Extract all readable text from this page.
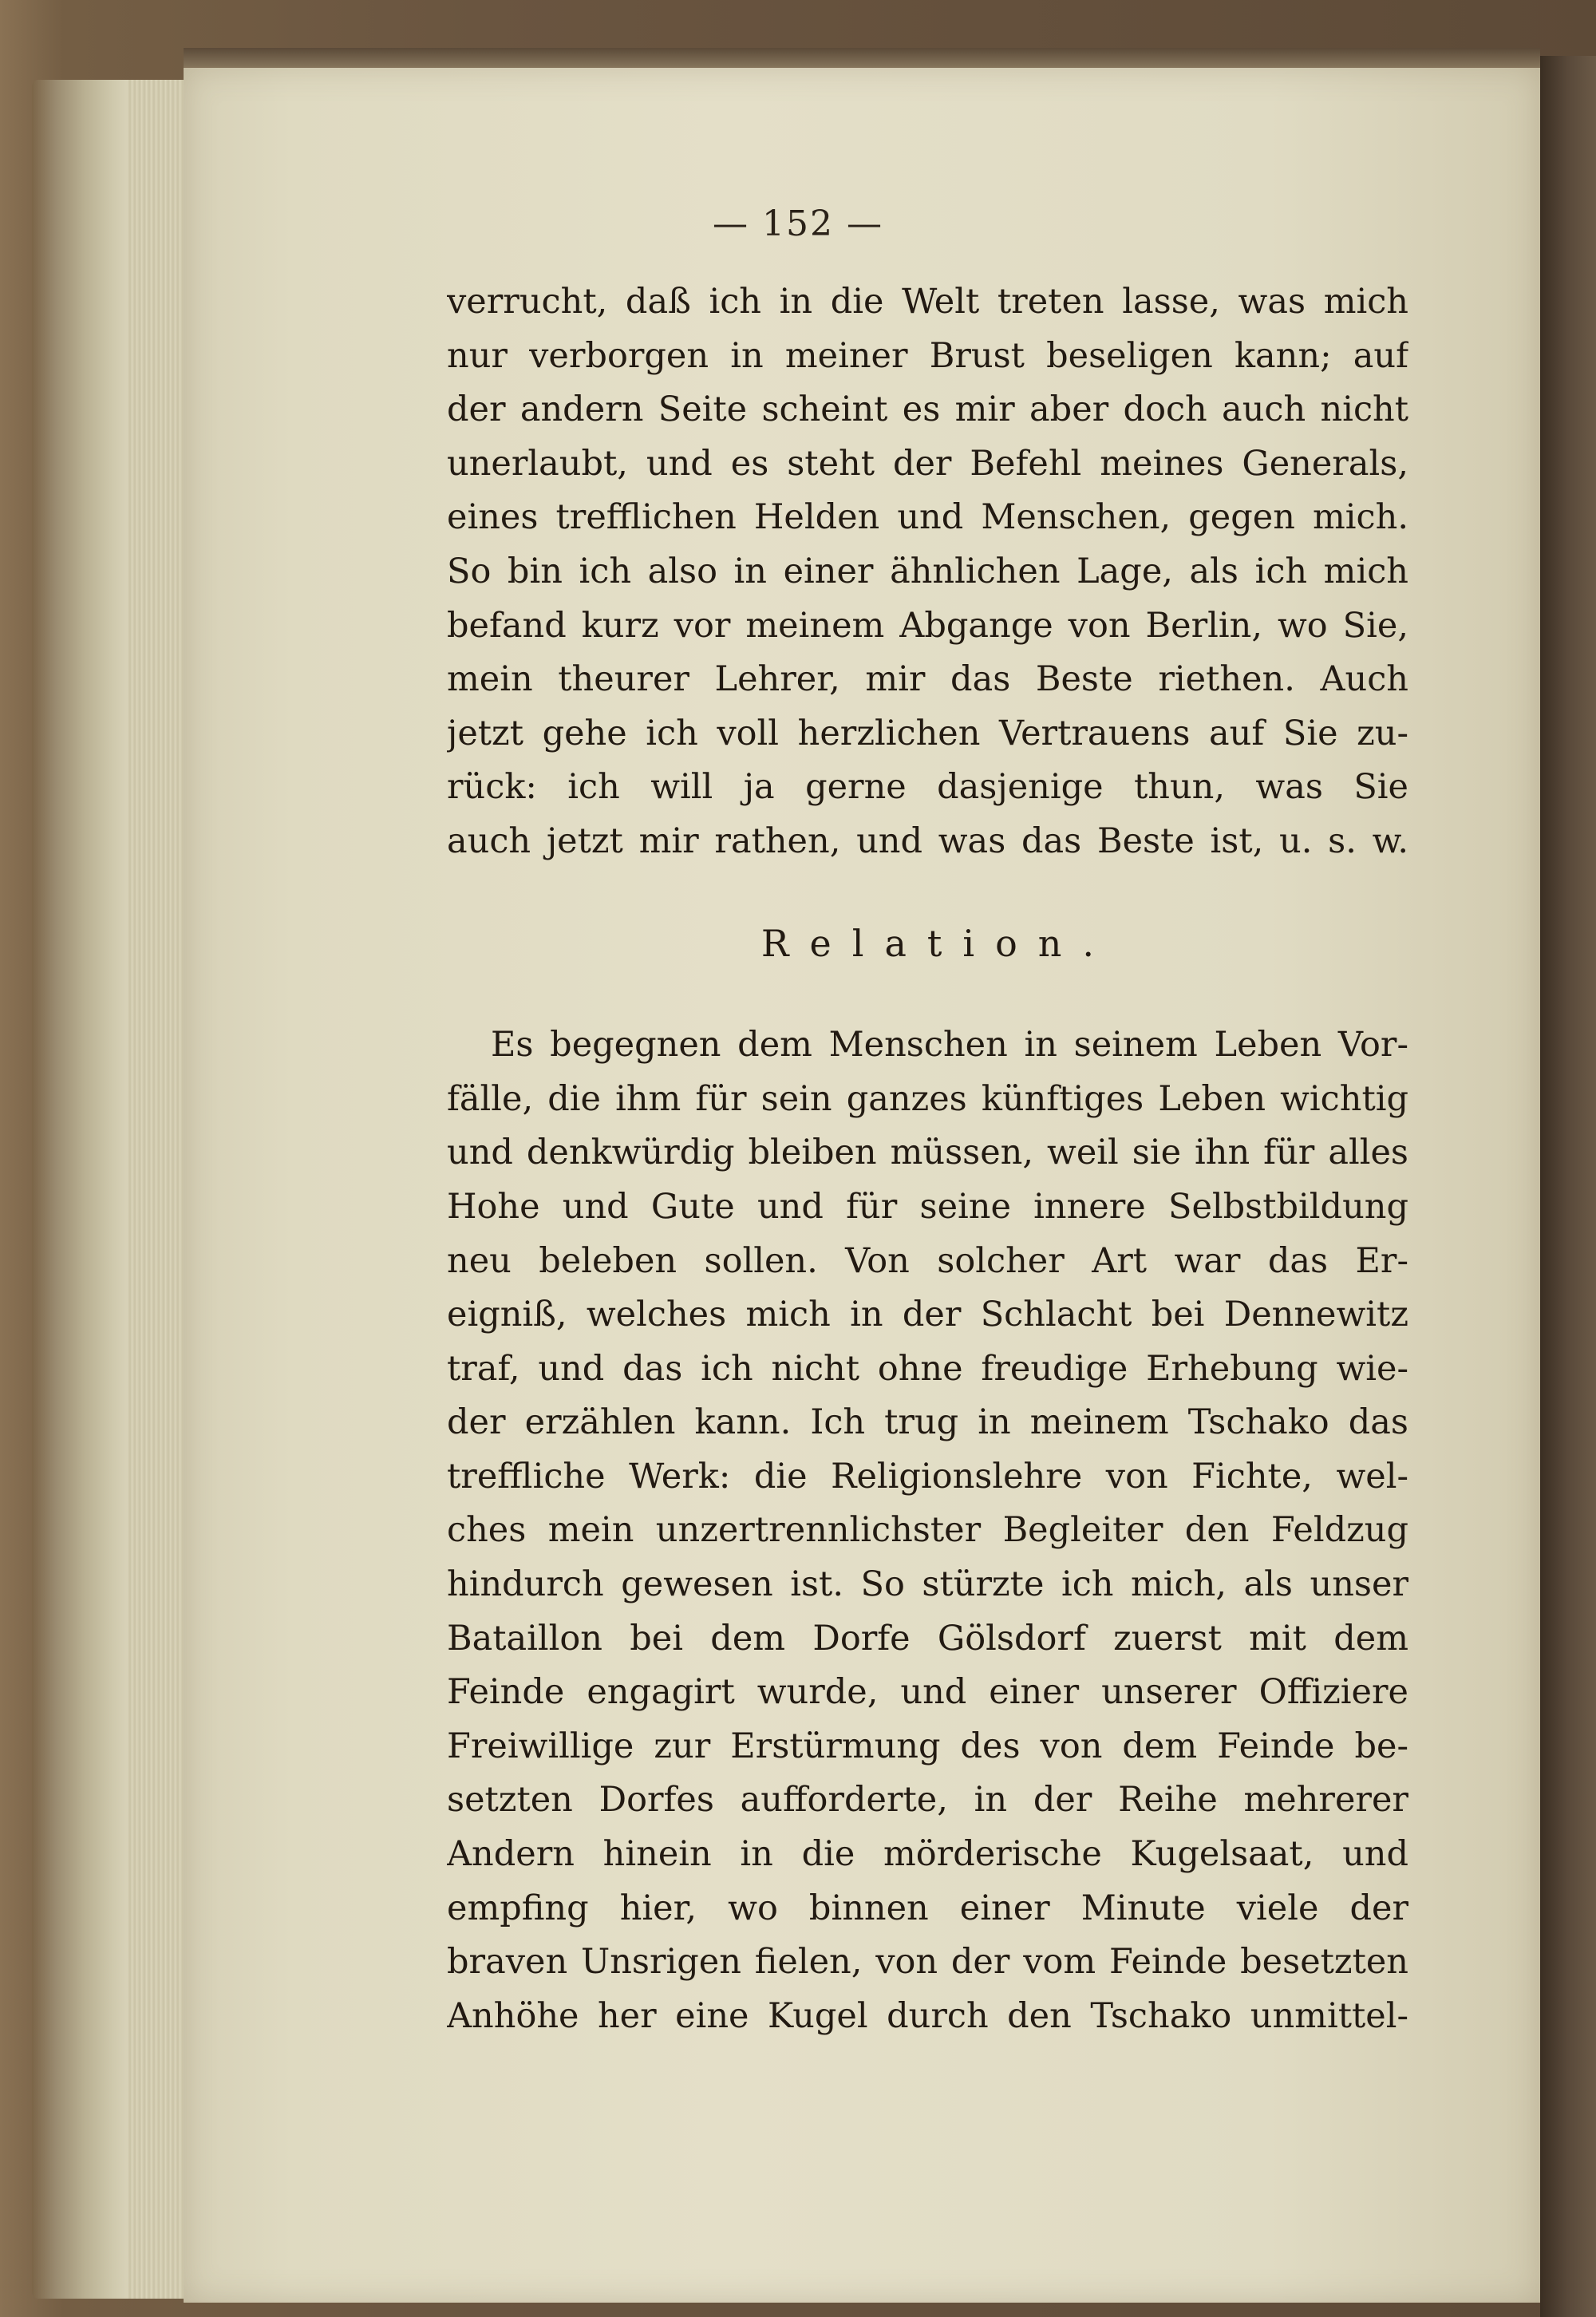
— 152 —
verrucht, daß ich in die Welt treten lasse, was mich
nur verborgen in meiner Brust beseligen kann; auf
der andern Seite scheint es mir aber doch auch nicht
unerlaubt, und es steht der Befehl meines Generals,
eines trefflichen Helden und Menschen, gegen mich.
So bin ich also in einer ähnlichen Lage, als ich mich
befand kurz vor meinem Abgange von Berlin, wo Sie,
mein theurer Lehrer, mir das Beste riethen. Auch
jetzt gehe ich voll herzlichen Vertrauens auf Sie zu-
rück: ich will ja gerne dasjenige thun, was Sie
auch jetzt mir rathen, und was das Beste ist, u. s. w.
Relation.
Es begegnen dem Menschen in seinem Leben Vor-
fälle, die ihm für sein ganzes künftiges Leben wichtig
und denkwürdig bleiben müssen, weil sie ihn für alles
Hohe und Gute und für seine innere Selbstbildung
neu beleben sollen. Von solcher Art war das Er-
eigniß, welches mich in der Schlacht bei Dennewitz
traf, und das ich nicht ohne freudige Erhebung wie-
der erzählen kann. Ich trug in meinem Tschako das
treffliche Werk: die Religionslehre von Fichte, wel-
ches mein unzertrennlichster Begleiter den Feldzug
hindurch gewesen ist. So stürzte ich mich, als unser
Bataillon bei dem Dorfe Gölsdorf zuerst mit dem
Feinde engagirt wurde, und einer unserer Offiziere
Freiwillige zur Erstürmung des von dem Feinde be-
setzten Dorfes aufforderte, in der Reihe mehrerer
Andern hinein in die mörderische Kugelsaat, und
empfing hier, wo binnen einer Minute viele der
braven Unsrigen fielen, von der vom Feinde besetzten
Anhöhe her eine Kugel durch den Tschako unmittel-
